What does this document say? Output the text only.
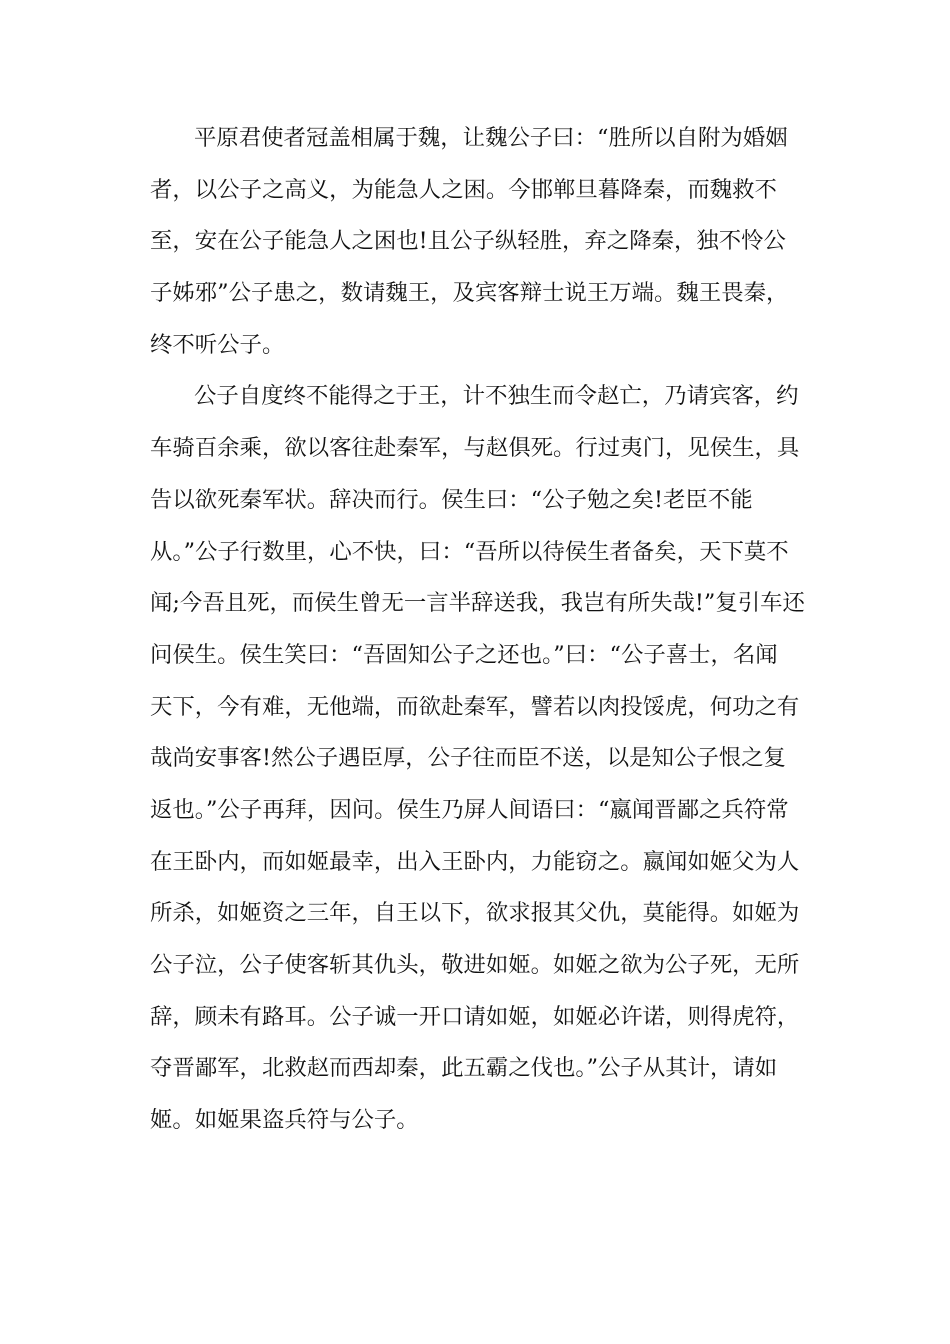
平原君使者冠盖相属于魏，让魏公子曰：“胜所以自附为婚姻
者，以公子之高义，为能急人之困。今邯郸旦暮降秦，而魏救不
至，安在公子能急人之困也!且公子纵轻胜，弃之降秦，独不怜公
子姊邪”公子患之，数请魏王，及宾客辩士说王万端。魏王畏秦，
终不听公子。
公子自度终不能得之于王，计不独生而令赵亡，乃请宾客，约
车骑百余乘，欲以客往赴秦军，与赵俱死。行过夷门，见侯生，具
告以欲死秦军状。辞决而行。侯生曰：“公子勉之矣!老臣不能
从。”公子行数里，心不快，曰：“吾所以待侯生者备矣，天下莫不
闻;今吾且死，而侯生曾无一言半辞送我，我岂有所失哉!”复引车还
问侯生。侯生笑曰：“吾固知公子之还也。”曰：“公子喜士，名闻
天下，今有难，无他端，而欲赴秦军，譬若以肉投馁虎，何功之有
哉尚安事客!然公子遇臣厚，公子往而臣不送，以是知公子恨之复
返也。”公子再拜，因问。侯生乃屏人间语曰：“嬴闻晋鄙之兵符常
在王卧内，而如姬最幸，出入王卧内，力能窃之。嬴闻如姬父为人
所杀，如姬资之三年，自王以下，欲求报其父仇，莫能得。如姬为
公子泣，公子使客斩其仇头，敬进如姬。如姬之欲为公子死，无所
辞，顾未有路耳。公子诚一开口请如姬，如姬必许诺，则得虎符，
夺晋鄙军，北救赵而西却秦，此五霸之伐也。”公子从其计，请如
姬。如姬果盗兵符与公子。
